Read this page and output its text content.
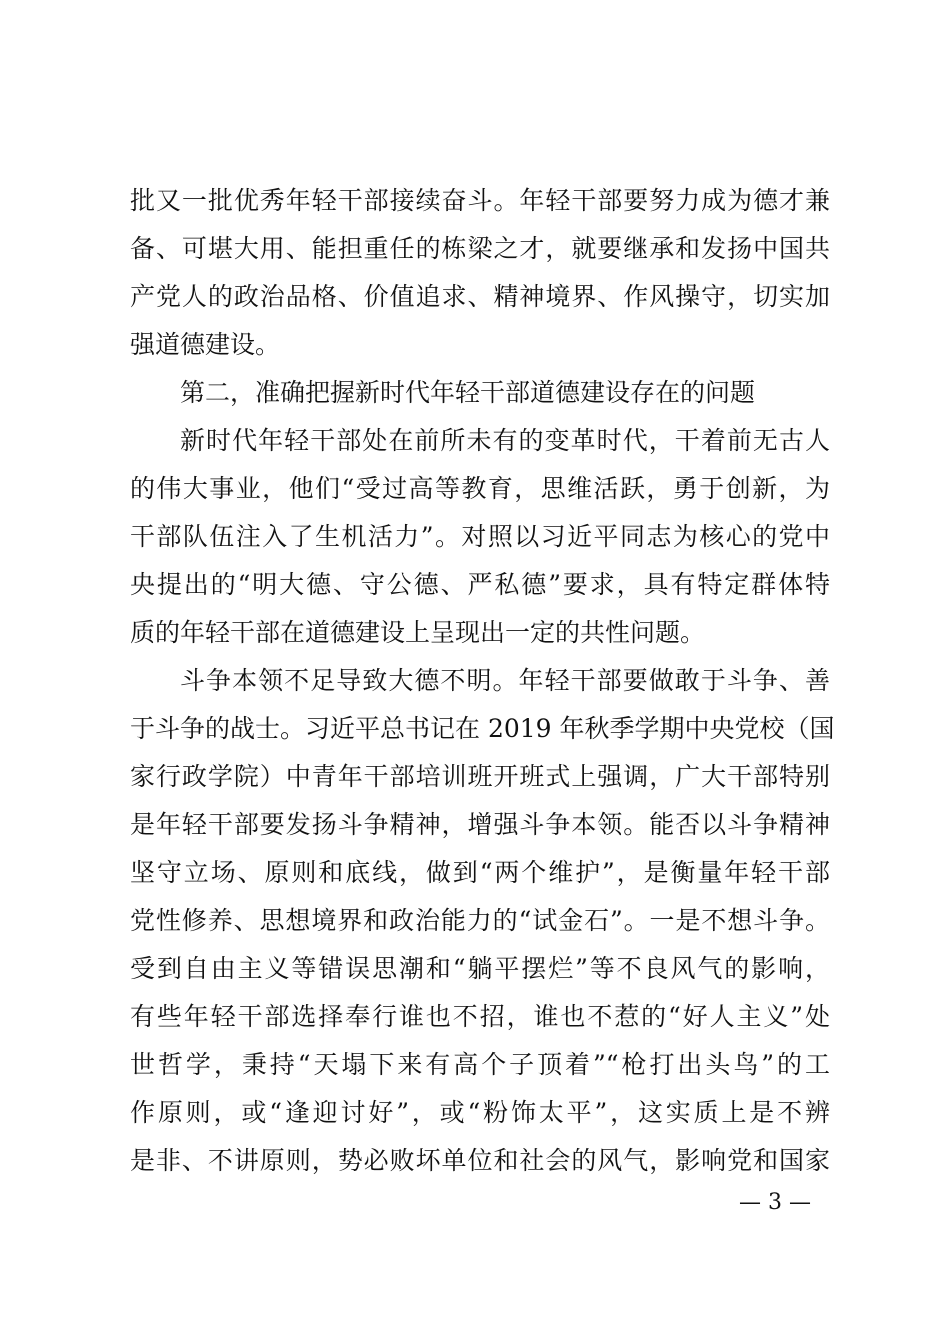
批又一批优秀年轻干部接续奋斗。年轻干部要努力成为德才兼
备、可堪大用、能担重任的栋梁之才，就要继承和发扬中国共
产党人的政治品格、价值追求、精神境界、作风操守，切实加
强道德建设。
第二，准确把握新时代年轻干部道德建设存在的问题
新时代年轻干部处在前所未有的变革时代，干着前无古人
的伟大事业，他们“受过高等教育，思维活跃，勇于创新，为
干部队伍注入了生机活力”。对照以习近平同志为核心的党中
央提出的“明大德、守公德、严私德”要求，具有特定群体特
质的年轻干部在道德建设上呈现出一定的共性问题。
斗争本领不足导致大德不明。年轻干部要做敢于斗争、善
于斗争的战士。习近平总书记在 2019 年秋季学期中央党校（国
家行政学院）中青年干部培训班开班式上强调，广大干部特别
是年轻干部要发扬斗争精神，增强斗争本领。能否以斗争精神
坚守立场、原则和底线，做到“两个维护”，是衡量年轻干部
党性修养、思想境界和政治能力的“试金石”。一是不想斗争。
受到自由主义等错误思潮和“躺平摆烂”等不良风气的影响，
有些年轻干部选择奉行谁也不招，谁也不惹的“好人主义”处
世哲学，秉持“天塌下来有高个子顶着”“枪打出头鸟”的工
作原则，或“逢迎讨好”，或“粉饰太平”，这实质上是不辨
是非、不讲原则，势必败坏单位和社会的风气，影响党和国家
— 3 —
